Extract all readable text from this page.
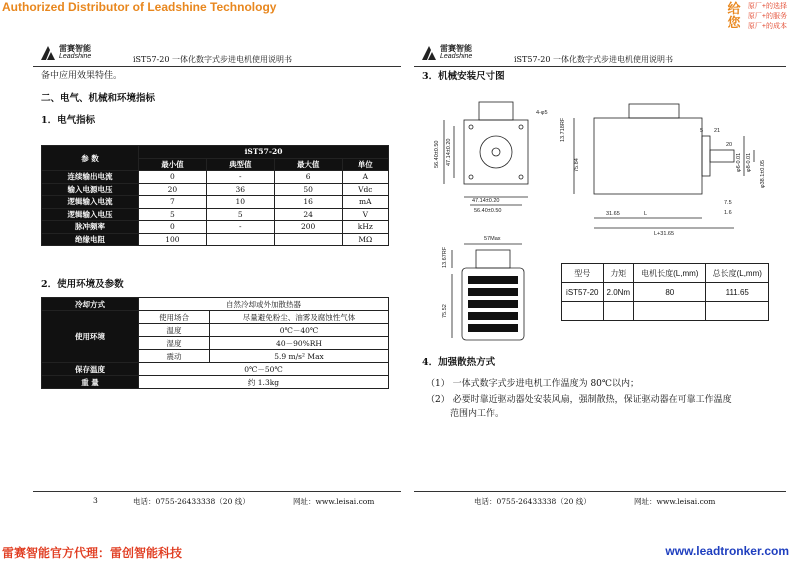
Authorized Distributor of Leadshine Technology	给
您 原厂+的选择
原厂+的服务
原厂+的成本
雷赛智能
Leadshine	iST57-20 一体化数字式步进电机使用说明书
备中应用效果特佳。
二、电气、机械和环境指标
1．电气指标
参 数	iST57-20			
	最小值	典型值	最大值	单位
连续输出电流	0	-	6	A
输入电源电压	20	36	50	Vdc
逻辑输入电流	7	10	16	mA
逻辑输入电压	5	5	24	V
脉冲频率	0	-	200	kHz
绝缘电阻	100			MΩ
2．使用环境及参数
冷却方式	自然冷却或外加散热器	
使用环境	使用场合	尽量避免粉尘、油雾及腐蚀性气体
	温度	0℃－40℃
	湿度	40－90%RH
	震动	5.9 m/s² Max
保存温度	0℃－50℃	
重 量	约 1.3kg	
3	电话：0755-26433338（20 线）	网址：www.leisai.com
雷赛智能
Leadshine	iST57-20 一体化数字式步进电机使用说明书
3．机械安装尺寸图
56.40±0.50 47.14±0.20
4-φ5
13.718RF
φ38.1±0.05
φ8-0.01
φ6-0.01
21
5
1.6
7.5
20
31.65	L
L+31.65
47.14±0.20
56.40±0.50
75.84
57Max
13.67RF
75.52
型号	力矩	电机长度(L,mm)	总长度(L,mm)
iST57-20	2.0Nm	80	111.65

4．加强散热方式
（1） 一体式数字式步进电机工作温度为 80℃以内；
（2） 必要时靠近驱动器处安装风扇，强制散热，保证驱动器在可靠工作温度
范围内工作。
电话：0755-26433338（20 线）	网址：www.leisai.com
雷赛智能官方代理：雷创智能科技	www.leadtronker.com
